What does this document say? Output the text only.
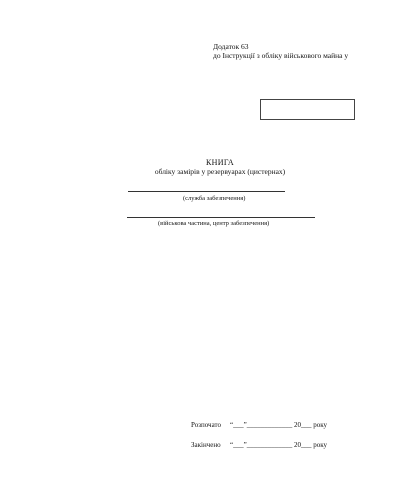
Додаток 63
до Інструкції з обліку військового майна у
КНИГА
обліку замірів у резервуарах (цистернах)
(служба забезпечення)
(військова частина, центр забезпечення)
Розпочато “___”_____________ 20___ року
Закінчено “___”_____________ 20___ року
